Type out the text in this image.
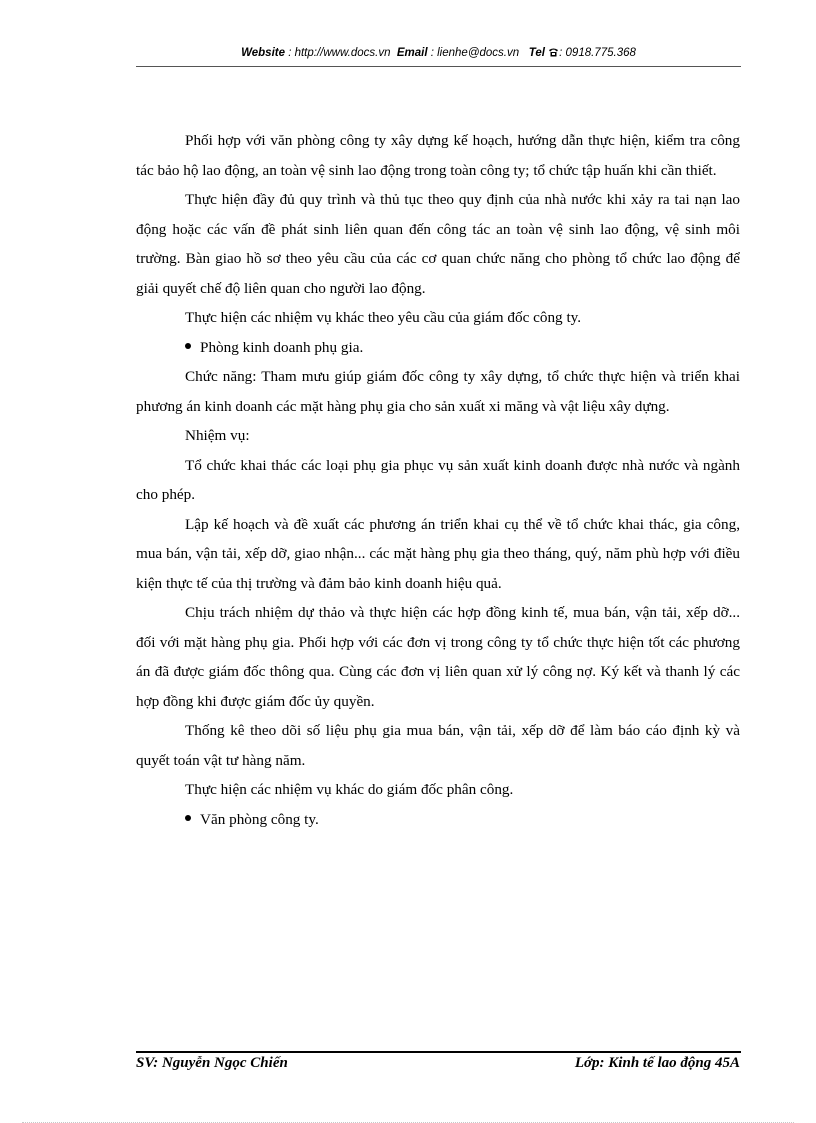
Website : http://www.docs.vn Email : lienhe@docs.vn Tel : 0918.775.368

Phối hợp với văn phòng công ty xây dựng kế hoạch, hướng dẫn thực hiện, kiểm tra công tác bảo hộ lao động, an toàn vệ sinh lao động trong toàn công ty; tổ chức tập huấn khi cần thiết.

Thực hiện đầy đủ quy trình và thủ tục theo quy định của nhà nước khi xảy ra tai nạn lao động hoặc các vấn đề phát sinh liên quan đến công tác an toàn vệ sinh lao động, vệ sinh môi trường. Bàn giao hồ sơ theo yêu cầu của các cơ quan chức năng cho phòng tổ chức lao động để giải quyết chế độ liên quan cho người lao động.

Thực hiện các nhiệm vụ khác theo yêu cầu của giám đốc công ty.

Phòng kinh doanh phụ gia.

Chức năng: Tham mưu giúp giám đốc công ty xây dựng, tổ chức thực hiện và triển khai phương án kinh doanh các mặt hàng phụ gia cho sản xuất xi măng và vật liệu xây dựng.

Nhiệm vụ:

Tổ chức khai thác các loại phụ gia phục vụ sản xuất kinh doanh được nhà nước và ngành cho phép.

Lập kế hoạch và đề xuất các phương án triển khai cụ thể về tổ chức khai thác, gia công, mua bán, vận tải, xếp dỡ, giao nhận... các mặt hàng phụ gia theo tháng, quý, năm phù hợp với điều kiện thực tế của thị trường và đảm bảo kinh doanh hiệu quả.

Chịu trách nhiệm dự thảo và thực hiện các hợp đồng kinh tế, mua bán, vận tải, xếp dỡ... đối với mặt hàng phụ gia. Phối hợp với các đơn vị trong công ty tổ chức thực hiện tốt các phương án đã được giám đốc thông qua. Cùng các đơn vị liên quan xử lý công nợ. Ký kết và thanh lý các hợp đồng khi được giám đốc ủy quyền.

Thống kê theo dõi số liệu phụ gia mua bán, vận tải, xếp dỡ để làm báo cáo định kỳ và quyết toán vật tư hàng năm.

Thực hiện các nhiệm vụ khác do giám đốc phân công.

Văn phòng công ty.

SV: Nguyễn Ngọc Chiến	Lớp: Kinh tế lao động 45A
